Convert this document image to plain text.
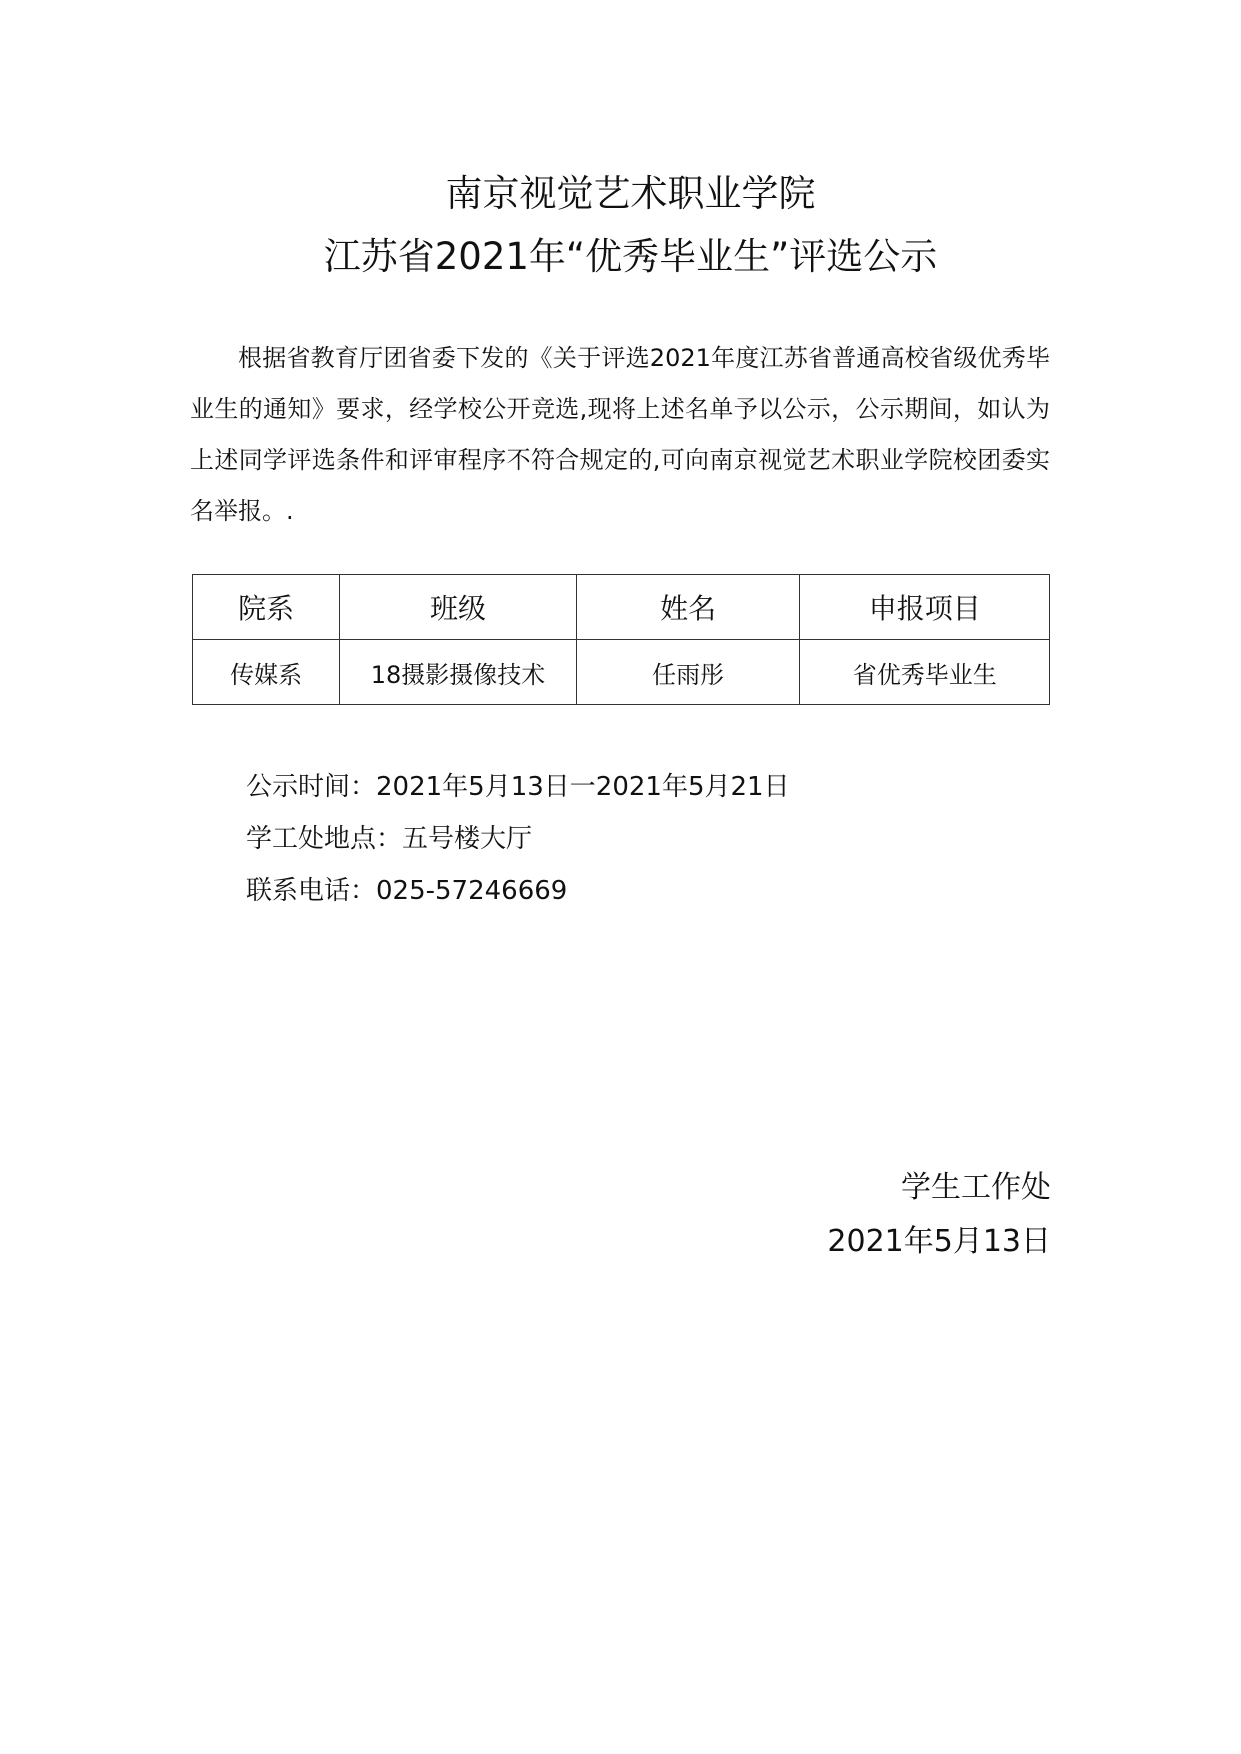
南京视觉艺术职业学院
江苏省2021年“优秀毕业生”评选公示
根据省教育厅团省委下发的《关于评选2021年度江苏省普通高校省级优秀毕业生的通知》要求，经学校公开竞选,现将上述名单予以公示，公示期间，如认为上述同学评选条件和评审程序不符合规定的,可向南京视觉艺术职业学院校团委实名举报。.
院系	班级	姓名	申报项目
传媒系	18摄影摄像技术	任雨彤	省优秀毕业生
公示时间：2021年5月13日一2021年5月21日
学工处地点：五号楼大厅
联系电话：025-57246669
学生工作处
2021年5月13日
